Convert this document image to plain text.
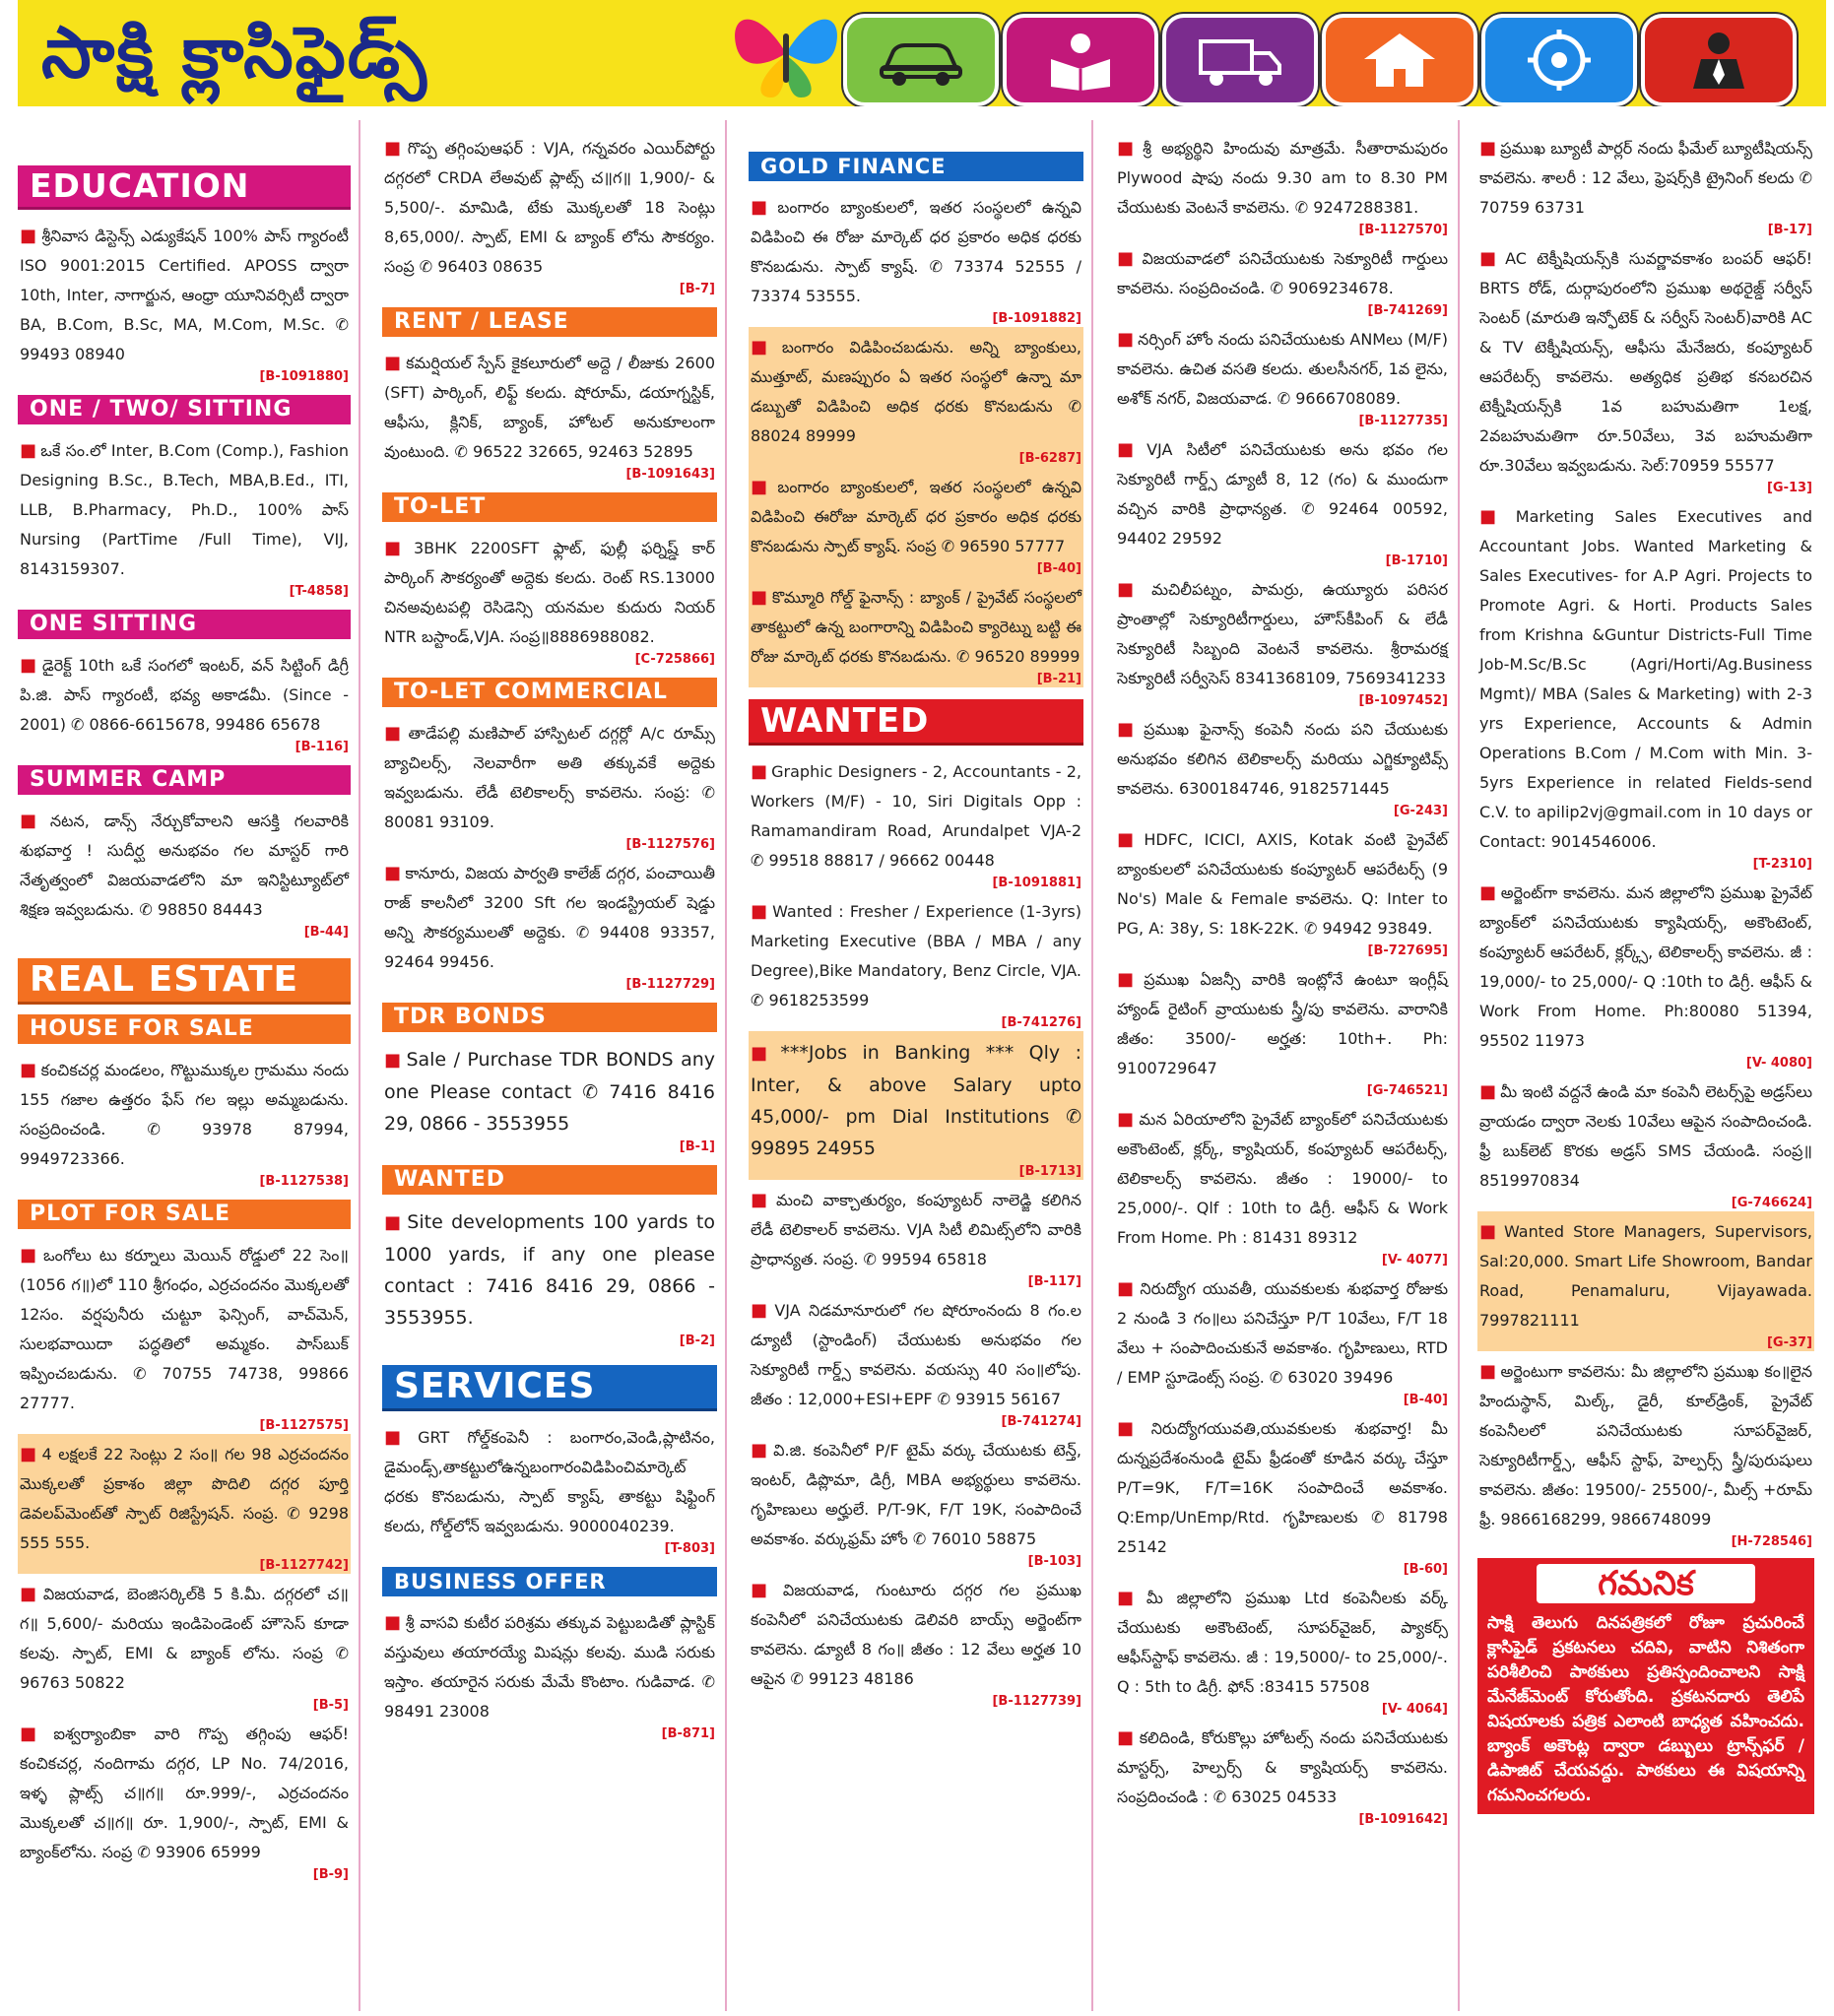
సాక్షి క్లాసిఫైడ్స్
EDUCATION

■ శ్రీనివాస డిస్టెన్స్ ఎడ్యుకేషన్ 100% పాస్ గ్యారంటీ ISO 9001:2015 Certified. APOSS ద్వారా 10th, Inter, నాగార్జున, ఆంధ్రా యూనివర్సిటీ ద్వారా BA, B.Com, B.Sc, MA, M.Com, M.Sc. ✆ 99493 08940
[B-1091880]

ONE / TWO/ SITTING

■ ఒకే సం.లో Inter, B.Com (Comp.), Fashion Designing B.Sc., B.Tech, MBA,B.Ed., ITI, LLB, B.Pharmacy, Ph.D., 100% పాస్ Nursing (PartTime /Full Time), VIJ, 8143159307.
[T-4858]

ONE SITTING

■ డైరెక్ట్ 10th ఒకే సంగలో ఇంటర్, వన్ సిట్టింగ్ డిగ్రీ పి.జి. పాస్ గ్యారంటీ, భవ్య అకాడమీ. (Since - 2001) ✆ 0866-6615678, 99486 65678
[B-116]

SUMMER CAMP

■ నటన, డాన్స్ నేర్చుకోవాలని ఆసక్తి గలవారికి శుభవార్త ! సుదీర్ఘ అనుభవం గల మాస్టర్ గారి నేతృత్వంలో విజయవాడలోని మా ఇనిస్టిట్యూట్‌లో శిక్షణ ఇవ్వబడును. ✆ 98850 84443
[B-44]

REAL ESTATE
HOUSE FOR SALE

■ కంచికచర్ల మండలం, గొట్టుముక్కల గ్రామము నందు 155 గజాల ఉత్తరం ఫేస్ గల ఇల్లు అమ్మబడును. సంప్రదించండి. ✆ 93978 87994, 9949723366.
[B-1127538]

PLOT FOR SALE

■ ఒంగోలు టు కర్నూలు మెయిన్ రోడ్డులో 22 సెం॥ (1056 గ॥)లో 110 శ్రీగంధం, ఎర్రచందనం మొక్కలతో 12సం. వర్షపునీరు చుట్టూ ఫెన్సింగ్, వాచ్‌మెన్, సులభవాయిదా పద్ధతిలో అమ్మకం. పాస్‌బుక్ ఇప్పించబడును. ✆ 70755 74738, 99866 27777.
[B-1127575]

■ 4 లక్షలకే 22 సెంట్లు 2 సం॥ గల 98 ఎర్రచందనం మొక్కలతో ప్రకాశం జిల్లా పొదిలి దగ్గర పూర్తి డెవలప్‌మెంట్‌తో స్పాట్ రిజిస్ట్రేషన్. సంప్ర. ✆ 9298 555 555.
[B-1127742]

■ విజయవాడ, బెంజిసర్కిల్‌కి 5 కి.మీ. దగ్గరలో చ॥గ॥ 5,600/- మరియు ఇండిపెండెంట్ హౌసెస్ కూడా కలవు. స్పాట్, EMI & బ్యాంక్ లోను. సంప్ర ✆ 96763 50822
[B-5]

■ ఐశ్వర్యాంబికా వారి గొప్ప తగ్గింపు ఆఫర్! కంచికచర్ల, నందిగామ దగ్గర, LP No. 74/2016, ఇళ్ళ ప్లాట్స్ చ॥గ॥ రూ.999/-, ఎర్రచందనం మొక్కలతో చ॥గ॥ రూ. 1,900/-, స్పాట్, EMI & బ్యాంక్‌లోను. సంప్ర ✆ 93906 65999
[B-9]

■ గొప్ప తగ్గింపుఆఫర్ : VJA, గన్నవరం ఎయిర్‌పోర్టు దగ్గరలో CRDA లేఅవుట్ ప్లాట్స్ చ॥గ॥ 1,900/- & 5,500/-. మామిడి, టేకు మొక్కలతో 18 సెంట్లు 8,65,000/. స్పాట్, EMI & బ్యాంక్ లోను సౌకర్యం. సంప్ర ✆ 96403 08635
[B-7]

RENT / LEASE

■ కమర్షియల్ స్పేస్ కైకలూరులో అద్దె / లీజుకు 2600 (SFT) పార్కింగ్, లిఫ్ట్ కలదు. షోరూమ్, డయాగ్నస్టిక్, ఆఫీసు, క్లినిక్, బ్యాంక్, హోటల్ అనుకూలంగా వుంటుంది. ✆ 96522 32665, 92463 52895
[B-1091643]

TO-LET

■ 3BHK 2200SFT ఫ్లాట్, ఫుల్లీ ఫర్నిష్డ్ కార్ పార్కింగ్ సౌకర్యంతో అద్దెకు కలదు. రెంట్ RS.13000 చినఅవుటపల్లి రెసిడెన్సి యనమల కుదురు నియర్ NTR బస్టాండ్,VJA. సంప్ర॥8886988082.
[C-725866]

TO-LET COMMERCIAL

■ తాడేపల్లి మణిపాల్ హాస్పిటల్ దగ్గర్లో A/c రూమ్స్ బ్యాచిలర్స్, నెలవారీగా అతి తక్కువకే అద్దెకు ఇవ్వబడును. లేడీ టెలికాలర్స్ కావలెను. సంప్ర: ✆ 80081 93109.
[B-1127576]

■ కానూరు, విజయ పార్వతి కాలేజ్ దగ్గర, పంచాయితీ రాజ్ కాలనీలో 3200 Sft గల ఇండస్ట్రియల్ షెడ్డు అన్ని సౌకర్యములతో అద్దెకు. ✆ 94408 93357, 92464 99456.
[B-1127729]

TDR BONDS

■ Sale / Purchase TDR BONDS any one Please contact ✆ 7416 8416 29, 0866 - 3553955
[B-1]

WANTED

■ Site developments 100 yards to 1000 yards, if any one please contact : 7416 8416 29, 0866 - 3553955.
[B-2]

SERVICES

■ GRT గోల్డ్‌కంపెనీ : బంగారం,వెండి,ప్లాటినం, డైమండ్స్,తాకట్టులోఉన్నబంగారంవిడిపించిమార్కెట్ ధరకు కొనబడును, స్పాట్ క్యాష్, తాకట్టు షిఫ్టింగ్ కలదు, గోల్డ్‌లోన్ ఇవ్వబడును. 9000040239.
[T-803]

BUSINESS OFFER

■ శ్రీ వాసవి కుటీర పరిశ్రమ తక్కువ పెట్టుబడితో ప్లాస్టిక్ వస్తువులు తయారయ్యే మిషన్లు కలవు. ముడి సరుకు ఇస్తాం. తయారైన సరుకు మేమే కొంటాం. గుడివాడ. ✆ 98491 23008
[B-871]

GOLD FINANCE

■ బంగారం బ్యాంకులలో, ఇతర సంస్థలలో ఉన్నవి విడిపించి ఈ రోజు మార్కెట్ ధర ప్రకారం అధిక ధరకు కొనబడును. స్పాట్ క్యాష్. ✆ 73374 52555 / 73374 53555.
[B-1091882]

■ బంగారం విడిపించబడును. అన్ని బ్యాంకులు, ముత్తూట్, మణప్పురం ఏ ఇతర సంస్థలో ఉన్నా మా డబ్బుతో విడిపించి అధిక ధరకు కొనబడును ✆ 88024 89999
[B-6287]

■ బంగారం బ్యాంకులలో, ఇతర సంస్థలలో ఉన్నవి విడిపించి ఈరోజు మార్కెట్ ధర ప్రకారం అధిక ధరకు కొనబడును స్పాట్ క్యాష్. సంప్ర ✆ 96590 57777
[B-40]

■ కొమ్మూరి గోల్డ్ ఫైనాన్స్ : బ్యాంక్ / ప్రైవేట్ సంస్థలలో తాకట్టులో ఉన్న బంగారాన్ని విడిపించి క్యారెట్ను బట్టి ఈ రోజు మార్కెట్ ధరకు కొనబడును. ✆ 96520 89999
[B-21]

WANTED

■ Graphic Designers - 2, Accountants - 2, Workers (M/F) - 10, Siri Digitals Opp : Ramamandiram Road, Arundalpet VJA-2 ✆ 99518 88817 / 96662 00448
[B-1091881]

■ Wanted : Fresher / Experience (1-3yrs) Marketing Executive (BBA / MBA / any Degree),Bike Mandatory, Benz Circle, VJA. ✆ 9618253599
[B-741276]

■ ***Jobs in Banking *** Qly : Inter, & above Salary upto 45,000/- pm Dial Institutions ✆ 99895 24955
[B-1713]

■ మంచి వాక్చాతుర్యం, కంప్యూటర్ నాలెడ్జి కలిగిన లేడీ టెలికాలర్ కావలెను. VJA సిటీ లిమిట్స్‌లోని వారికి ప్రాధాన్యత. సంప్ర. ✆ 99594 65818
[B-117]

■ VJA నిడమానూరులో గల షోరూంనందు 8 గం.ల డ్యూటీ (స్టాండింగ్) చేయుటకు అనుభవం గల సెక్యూరిటీ గార్డ్స్ కావలెను. వయస్సు 40 సం॥లోపు. జీతం : 12,000+ESI+EPF ✆ 93915 56167
[B-741274]

■ వి.జి. కంపెనీలో P/F టైమ్ వర్కు చేయుటకు టెన్త్, ఇంటర్, డిప్లొమా, డిగ్రీ, MBA అభ్యర్థులు కావలెను. గృహిణులు అర్హులే. P/T-9K, F/T 19K, సంపాదించే అవకాశం. వర్కుఫ్రమ్ హోం ✆ 76010 58875
[B-103]

■ విజయవాడ, గుంటూరు దగ్గర గల ప్రముఖ కంపెనీలో పనిచేయుటకు డెలివరి బాయ్స్ అర్జెంట్‌గా కావలెను. డ్యూటీ 8 గం॥ జీతం : 12 వేలు అర్హత 10 ఆపైన ✆ 99123 48186
[B-1127739]

■ శ్రీ అభ్యర్థిని హిందువు మాత్రమే. సీతారామపురం Plywood షాపు నందు 9.30 am to 8.30 PM చేయుటకు వెంటనే కావలెను. ✆ 9247288381.
[B-1127570]

■ విజయవాడలో పనిచేయుటకు సెక్యూరిటీ గార్డులు కావలెను. సంప్రదించండి. ✆ 9069234678.
[B-741269]

■ నర్సింగ్ హోం నందు పనిచేయుటకు ANMలు (M/F) కావలెను. ఉచిత వసతి కలదు. తులసీనగర్, 1వ లైను, అశోక్ నగర్, విజయవాడ. ✆ 9666708089.
[B-1127735]

■ VJA సిటీలో పనిచేయుటకు అను భవం గల సెక్యూరిటీ గార్డ్స్ డ్యూటీ 8, 12 (గం) & ముందుగా వచ్చిన వారికి ప్రాధాన్యత. ✆ 92464 00592, 94402 29592
[B-1710]

■ మచిలీపట్నం, పామర్రు, ఉయ్యూరు పరిసర ప్రాంతాల్లో సెక్యూరిటీగార్డులు, హౌస్‌కీపింగ్ & లేడీ సెక్యూరిటీ సిబ్బంది వెంటనే కావలెను. శ్రీరామరక్ష సెక్యూరిటీ సర్వీసెస్ 8341368109, 7569341233
[B-1097452]

■ ప్రముఖ ఫైనాన్స్ కంపెనీ నందు పని చేయుటకు అనుభవం కలిగిన టెలికాలర్స్ మరియు ఎగ్జిక్యూటివ్స్ కావలెను. 6300184746, 9182571445
[G-243]

■ HDFC, ICICI, AXIS, Kotak వంటి ప్రైవేట్ బ్యాంకులలో పనిచేయుటకు కంప్యూటర్ ఆపరేటర్స్ (9 No's) Male & Female కావలెను. Q: Inter to PG, A: 38y, S: 18K-22K. ✆ 94942 93849.
[B-727695]

■ ప్రముఖ ఏజన్సీ వారికి ఇంట్లోనే ఉంటూ ఇంగ్లీష్ హ్యాండ్ రైటింగ్ వ్రాయుటకు స్త్రీ/పు కావలెను. వారానికి జీతం: 3500/- అర్హత: 10th+. Ph: 9100729647
[G-746521]

■ మన ఏరియాలోని ప్రైవేట్ బ్యాంక్‌లో పనిచేయుటకు అకౌంటెంట్, క్లర్క్, క్యాషియర్, కంప్యూటర్ ఆపరేటర్స్, టెలికాలర్స్ కావలెను. జీతం : 19000/- to 25,000/-. Qlf : 10th to డిగ్రీ. ఆఫీస్ & Work From Home. Ph : 81431 89312
[V- 4077]

■ నిరుద్యోగ యువతీ, యువకులకు శుభవార్త రోజుకు 2 నుండి 3 గం॥లు పనిచేస్తూ P/T 10వేలు, F/T 18 వేలు + సంపాదించుకునే అవకాశం. గృహిణులు, RTD / EMP స్టూడెంట్స్ సంప్ర. ✆ 63020 39496
[B-40]

■ నిరుద్యోగయువతి,యువకులకు శుభవార్త! మీ దున్నప్రదేశంనుండి టైమ్ ఫ్రీడంతో కూడిన వర్కు చేస్తూ P/T=9K, F/T=16K సంపాదించే అవకాశం. Q:Emp/UnEmp/Rtd. గృహిణులకు ✆ 81798 25142
[B-60]

■ మీ జిల్లాలోని ప్రముఖ Ltd కంపెనీలకు వర్క్ చేయుటకు అకౌంటెంట్, సూపర్‌వైజర్, ప్యాకర్స్ ఆఫీస్‌స్టాఫ్ కావలెను. జీ : 19,5000/- to 25,000/-. Q : 5th to డిగ్రీ. ఫోన్ :83415 57508
[V- 4064]

■ కలిదిండి, కోరుకొల్లు హోటల్స్ నందు పనిచేయుటకు మాస్టర్స్, హెల్పర్స్ & క్యాషియర్స్ కావలెను. సంప్రదించండి : ✆ 63025 04533
[B-1091642]

■ ప్రముఖ బ్యూటీ పార్లర్ నందు ఫీమేల్ బ్యూటీషియన్స్ కావలెను. శాలరీ : 12 వేలు, ఫ్రెషర్స్‌కి ట్రైనింగ్ కలదు ✆ 70759 63731
[B-17]

■ AC టెక్నీషియన్స్‌కి సువర్ణావకాశం బంపర్ ఆఫర్! BRTS రోడ్, దుర్గాపురంలోని ప్రముఖ అథరైజ్డ్ సర్వీస్ సెంటర్ (మారుతి ఇన్ఫోటెక్ & సర్వీస్ సెంటర్)వారికి AC & TV టెక్నీషియన్స్, ఆఫీసు మేనేజరు, కంప్యూటర్ ఆపరేటర్స్ కావలెను. అత్యధిక ప్రతిభ కనబరచిన టెక్నీషియన్స్‌కి 1వ బహుమతిగా 1లక్ష, 2వబహుమతిగా రూ.50వేలు, 3వ బహుమతిగా రూ.30వేలు ఇవ్వబడును. సెల్:70959 55577
[G-13]

■ Marketing Sales Executives and Accountant Jobs. Wanted Marketing & Sales Executives- for A.P Agri. Projects to Promote Agri. & Horti. Products Sales from Krishna &Guntur Districts-Full Time Job-M.Sc/B.Sc (Agri/Horti/Ag.Business Mgmt)/ MBA (Sales & Marketing) with 2-3 yrs Experience, Accounts & Admin Operations B.Com / M.Com with Min. 3-5yrs Experience in related Fields-send C.V. to apilip2vj@gmail.com in 10 days or Contact: 9014546006.
[T-2310]

■ అర్జెంట్‌గా కావలెను. మన జిల్లాలోని ప్రముఖ ప్రైవేట్ బ్యాంక్‌లో పనిచేయుటకు క్యాషియర్స్, అకౌంటెంట్, కంప్యూటర్ ఆపరేటర్, క్లర్క్స్, టెలికాలర్స్ కావలెను. జీ : 19,000/- to 25,000/- Q :10th to డిగ్రీ. ఆఫీస్ & Work From Home. Ph:80080 51394, 95502 11973
[V- 4080]

■ మీ ఇంటి వద్దనే ఉండి మా కంపెనీ లెటర్స్‌పై అడ్రస్‌లు వ్రాయడం ద్వారా నెలకు 10వేలు ఆపైన సంపాదించండి. ఫ్రీ బుక్‌లెట్ కొరకు అడ్రస్ SMS చేయండి. సంప్ర॥ 8519970834
[G-746624]

■ Wanted Store Managers, Supervisors, Sal:20,000. Smart Life Showroom, Bandar Road, Penamaluru, Vijayawada. 7997821111
[G-37]

■ అర్జెంటుగా కావలెను: మీ జిల్లాలోని ప్రముఖ కం॥లైన హిందుస్థాన్, మిల్క్, డైరీ, కూల్‌డ్రింక్, ప్రైవేట్ కంపెనీలలో పనిచేయుటకు సూపర్‌వైజర్, సెక్యూరిటీగార్డ్స్, ఆఫీస్ స్టాఫ్, హెల్పర్స్ స్త్రీ/పురుషులు కావలెను. జీతం: 19500/- 25500/-, మీల్స్ +రూమ్ ఫ్రీ. 9866168299, 9866748099
[H-728546]

గమనిక
సాక్షి తెలుగు దినపత్రికలో రోజూ ప్రచురించే క్లాసిఫైడ్ ప్రకటనలు చదివి, వాటిని నిశితంగా పరిశీలించి పాఠకులు ప్రతిస్పందించాలని సాక్షి మేనేజ్‌మెంట్ కోరుతోంది. ప్రకటనదారు తెలిపే విషయాలకు పత్రిక ఎలాంటి బాధ్యత వహించదు. బ్యాంక్ అకౌంట్ల ద్వారా డబ్బులు ట్రాన్స్‌ఫర్ / డిపాజిట్ చేయవద్దు. పాఠకులు ఈ విషయాన్ని గమనించగలరు.
